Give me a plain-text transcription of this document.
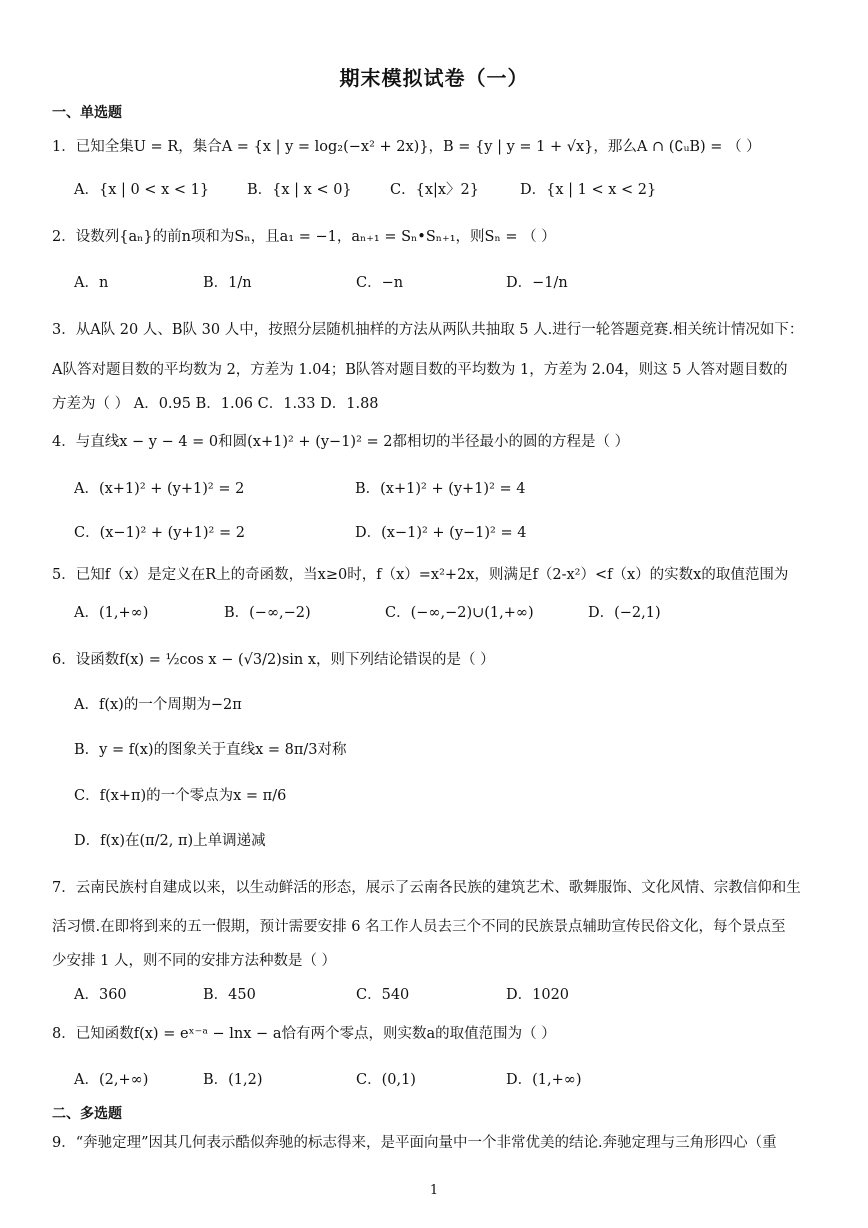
期末模拟试卷（一）
一、单选题
1．已知全集U = R，集合A = {x | y = log₂(−x² + 2x)}，B = {y | y = 1 + √x}，那么A ∩ (∁ᵤB) = （ ）
A．{x | 0 < x < 1}	B．{x | x < 0}	C．{x|x〉2}	D．{x | 1 < x < 2}
2．设数列{aₙ}的前n项和为Sₙ，且a₁ = −1，aₙ₊₁ = Sₙ•Sₙ₊₁，则Sₙ = （ ）
A．n	B．1/n	C．−n	D．−1/n
3．从A队 20 人、B队 30 人中，按照分层随机抽样的方法从两队共抽取 5 人.进行一轮答题竞赛.相关统计情况如下：
A队答对题目数的平均数为 2，方差为 1.04；B队答对题目数的平均数为 1，方差为 2.04，则这 5 人答对题目数的
方差为（ ） A．0.95 B．1.06 C．1.33 D．1.88
4．与直线x − y − 4 = 0和圆(x+1)² + (y−1)² = 2都相切的半径最小的圆的方程是（ ）
A．(x+1)² + (y+1)² = 2	B．(x+1)² + (y+1)² = 4
C．(x−1)² + (y+1)² = 2	D．(x−1)² + (y−1)² = 4
5．已知f（x）是定义在R上的奇函数，当x≥0时，f（x）=x²+2x，则满足f（2-x²）<f（x）的实数x的取值范围为
A．(1,+∞)	B．(−∞,−2)	C．(−∞,−2)∪(1,+∞)	D．(−2,1)
6．设函数f(x) = ½cos x − (√3/2)sin x，则下列结论错误的是（ ）
A．f(x)的一个周期为−2π
B．y = f(x)的图象关于直线x = 8π/3对称
C．f(x+π)的一个零点为x = π/6
D．f(x)在(π/2, π)上单调递减
7．云南民族村自建成以来，以生动鲜活的形态，展示了云南各民族的建筑艺术、歌舞服饰、文化风情、宗教信仰和生
活习惯.在即将到来的五一假期，预计需要安排 6 名工作人员去三个不同的民族景点辅助宣传民俗文化，每个景点至
少安排 1 人，则不同的安排方法种数是（ ）
A．360	B．450	C．540	D．1020
8．已知函数f(x) = eˣ⁻ᵃ − lnx − a恰有两个零点，则实数a的取值范围为（ ）
A．(2,+∞)	B．(1,2)	C．(0,1)	D．(1,+∞)
二、多选题
9．“奔驰定理”因其几何表示酷似奔驰的标志得来，是平面向量中一个非常优美的结论.奔驰定理与三角形四心（重
1
